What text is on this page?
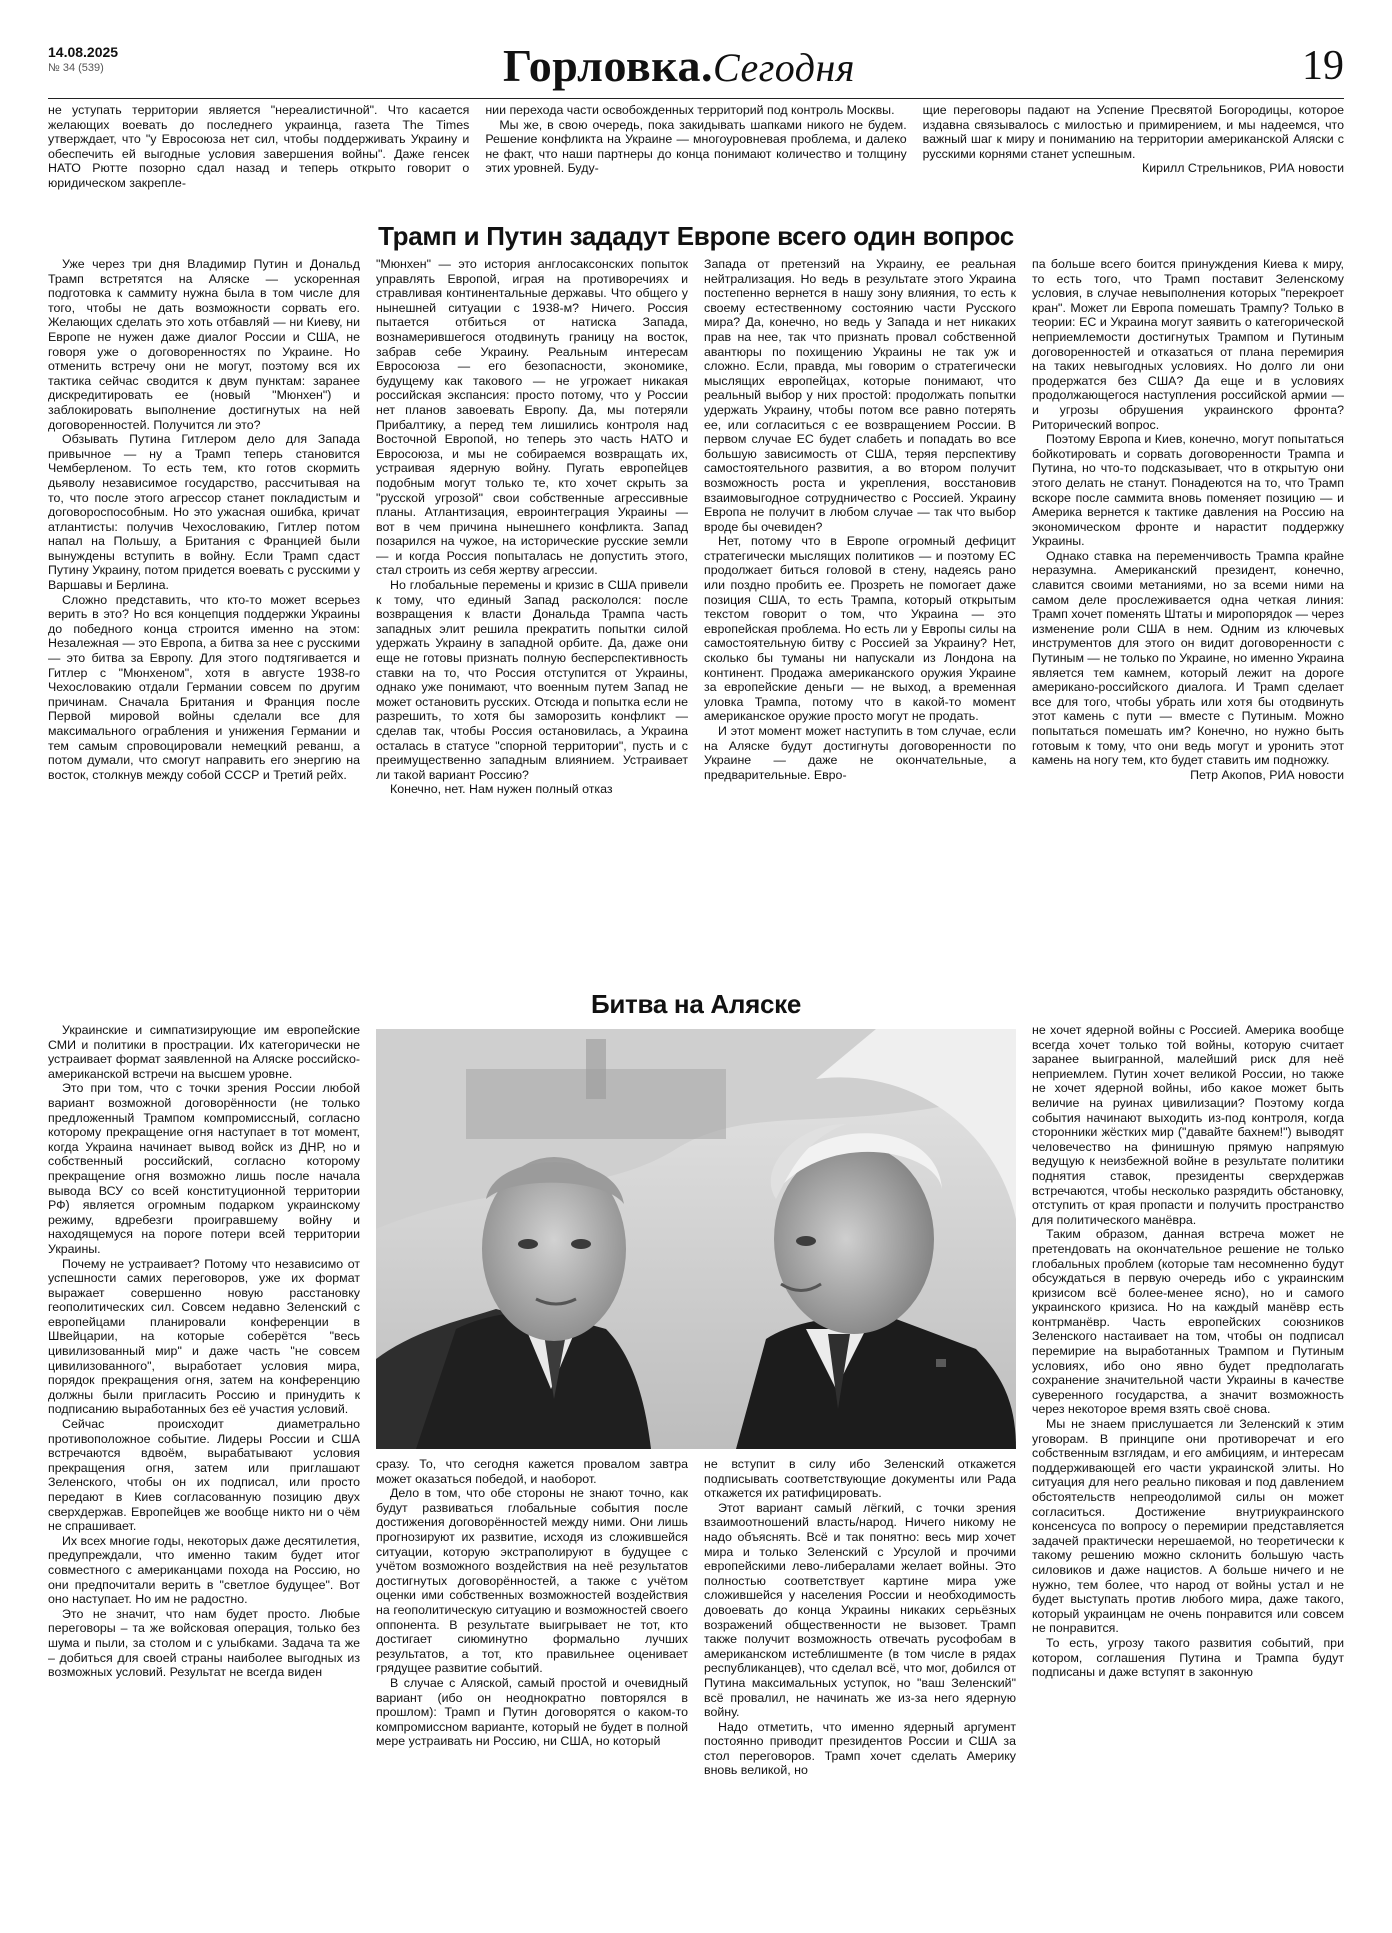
14.08.2025
№ 34 (539)	Горловка.Сегодня	19

не уступать территории является "нереалистичной". Что касается желающих воевать до последнего украинца, газета The Times утверждает, что "у Евросоюза нет сил, чтобы поддерживать Украину и обеспечить ей выгодные условия завершения войны". Даже генсек НАТО Рютте позорно сдал назад и теперь открыто говорит о юридическом закрепле-

нии перехода части освобожденных территорий под контроль Москвы.

Мы же, в свою очередь, пока закидывать шапками никого не будем. Решение конфликта на Украине — многоуровневая проблема, и далеко не факт, что наши партнеры до конца понимают количество и толщину этих уровней. Буду-

щие переговоры падают на Успение Пресвятой Богородицы, которое издавна связывалось с милостью и примирением, и мы надеемся, что важный шаг к миру и пониманию на территории американской Аляски с русскими корнями станет успешным.

Кирилл Стрельников, РИА новости

Трамп и Путин зададут Европе всего один вопрос

Уже через три дня Владимир Путин и Дональд Трамп встретятся на Аляске — ускоренная подготовка к саммиту нужна была в том числе для того, чтобы не дать возможности сорвать его. Желающих сделать это хоть отбавляй — ни Киеву, ни Европе не нужен даже диалог России и США, не говоря уже о договоренностях по Украине. Но отменить встречу они не могут, поэтому вся их тактика сейчас сводится к двум пунктам: заранее дискредитировать ее (новый "Мюнхен") и заблокировать выполнение достигнутых на ней договоренностей. Получится ли это?

Обзывать Путина Гитлером дело для Запада привычное — ну а Трамп теперь становится Чемберленом. То есть тем, кто готов скормить дьяволу независимое государство, рассчитывая на то, что после этого агрессор станет покладистым и договороспособным. Но это ужасная ошибка, кричат атлантисты: получив Чехословакию, Гитлер потом напал на Польшу, а Британия с Францией были вынуждены вступить в войну. Если Трамп сдаст Путину Украину, потом придется воевать с русскими у Варшавы и Берлина.

Сложно представить, что кто-то может всерьез верить в это? Но вся концепция поддержки Украины до победного конца строится именно на этом: Незалежная — это Европа, а битва за нее с русскими — это битва за Европу. Для этого подтягивается и Гитлер с "Мюнхеном", хотя в августе 1938-го Чехословакию отдали Германии совсем по другим причинам. Сначала Британия и Франция после Первой мировой войны сделали все для максимального ограбления и унижения Германии и тем самым спровоцировали немецкий реванш, а потом думали, что смогут направить его энергию на восток, столкнув между собой СССР и Третий рейх.

"Мюнхен" — это история англосаксонских попыток управлять Европой, играя на противоречиях и стравливая континентальные державы. Что общего у нынешней ситуации с 1938-м? Ничего. Россия пытается отбиться от натиска Запада, вознамерившегося отодвинуть границу на восток, забрав себе Украину. Реальным интересам Евросоюза — его безопасности, экономике, будущему как такового — не угрожает никакая российская экспансия: просто потому, что у России нет планов завоевать Европу. Да, мы потеряли Прибалтику, а перед тем лишились контроля над Восточной Европой, но теперь это часть НАТО и Евросоюза, и мы не собираемся возвращать их, устраивая ядерную войну. Пугать европейцев подобным могут только те, кто хочет скрыть за "русской угрозой" свои собственные агрессивные планы. Атлантизация, евроинтеграция Украины — вот в чем причина нынешнего конфликта. Запад позарился на чужое, на исторические русские земли — и когда Россия попыталась не допустить этого, стал строить из себя жертву агрессии.

Но глобальные перемены и кризис в США привели к тому, что единый Запад раскололся: после возвращения к власти Дональда Трампа часть западных элит решила прекратить попытки силой удержать Украину в западной орбите. Да, даже они еще не готовы признать полную бесперспективность ставки на то, что Россия отступится от Украины, однако уже понимают, что военным путем Запад не может остановить русских. Отсюда и попытка если не разрешить, то хотя бы заморозить конфликт — сделав так, чтобы Россия остановилась, а Украина осталась в статусе "спорной территории", пусть и с преимущественно западным влиянием. Устраивает ли такой вариант Россию?

Конечно, нет. Нам нужен полный отказ

Запада от претензий на Украину, ее реальная нейтрализация. Но ведь в результате этого Украина постепенно вернется в нашу зону влияния, то есть к своему естественному состоянию части Русского мира? Да, конечно, но ведь у Запада и нет никаких прав на нее, так что признать провал собственной авантюры по похищению Украины не так уж и сложно. Если, правда, мы говорим о стратегически мыслящих европейцах, которые понимают, что реальный выбор у них простой: продолжать попытки удержать Украину, чтобы потом все равно потерять ее, или согласиться с ее возвращением России. В первом случае ЕС будет слабеть и попадать во все большую зависимость от США, теряя перспективу самостоятельного развития, а во втором получит возможность роста и укрепления, восстановив взаимовыгодное сотрудничество с Россией. Украину Европа не получит в любом случае — так что выбор вроде бы очевиден?

Нет, потому что в Европе огромный дефицит стратегически мыслящих политиков — и поэтому ЕС продолжает биться головой в стену, надеясь рано или поздно пробить ее. Прозреть не помогает даже позиция США, то есть Трампа, который открытым текстом говорит о том, что Украина — это европейская проблема. Но есть ли у Европы силы на самостоятельную битву с Россией за Украину? Нет, сколько бы туманы ни напускали из Лондона на континент. Продажа американского оружия Украине за европейские деньги — не выход, а временная уловка Трампа, потому что в какой-то момент американское оружие просто могут не продать.

И этот момент может наступить в том случае, если на Аляске будут достигнуты договоренности по Украине — даже не окончательные, а предварительные. Евро-

па больше всего боится принуждения Киева к миру, то есть того, что Трамп поставит Зеленскому условия, в случае невыполнения которых "перекроет кран". Может ли Европа помешать Трампу? Только в теории: ЕС и Украина могут заявить о категорической неприемлемости достигнутых Трампом и Путиным договоренностей и отказаться от плана перемирия на таких невыгодных условиях. Но долго ли они продержатся без США? Да еще и в условиях продолжающегося наступления российской армии — и угрозы обрушения украинского фронта? Риторический вопрос.

Поэтому Европа и Киев, конечно, могут попытаться бойкотировать и сорвать договоренности Трампа и Путина, но что-то подсказывает, что в открытую они этого делать не станут. Понадеются на то, что Трамп вскоре после саммита вновь поменяет позицию — и Америка вернется к тактике давления на Россию на экономическом фронте и нарастит поддержку Украины.

Однако ставка на переменчивость Трампа крайне неразумна. Американский президент, конечно, славится своими метаниями, но за всеми ними на самом деле прослеживается одна четкая линия: Трамп хочет поменять Штаты и миропорядок — через изменение роли США в нем. Одним из ключевых инструментов для этого он видит договоренности с Путиным — не только по Украине, но именно Украина является тем камнем, который лежит на дороге американо-российского диалога. И Трамп сделает все для того, чтобы убрать или хотя бы отодвинуть этот камень с пути — вместе с Путиным. Можно попытаться помешать им? Конечно, но нужно быть готовым к тому, что они ведь могут и уронить этот камень на ногу тем, кто будет ставить им подножку.

Петр Акопов, РИА новости

Битва на Аляске

Украинские и симпатизирующие им европейские СМИ и политики в прострации. Их категорически не устраивает формат заявленной на Аляске российско-американской встречи на высшем уровне.

Это при том, что с точки зрения России любой вариант возможной договорённости (не только предложенный Трампом компромиссный, согласно которому прекращение огня наступает в тот момент, когда Украина начинает вывод войск из ДНР, но и собственный российский, согласно которому прекращение огня возможно лишь после начала вывода ВСУ со всей конституционной территории РФ) является огромным подарком украинскому режиму, вдребезги проигравшему войну и находящемуся на пороге потери всей территории Украины.

Почему не устраивает? Потому что независимо от успешности самих переговоров, уже их формат выражает совершенно новую расстановку геополитических сил. Совсем недавно Зеленский с европейцами планировали конференции в Швейцарии, на которые соберётся "весь цивилизованный мир" и даже часть "не совсем цивилизованного", выработает условия мира, порядок прекращения огня, затем на конференцию должны были пригласить Россию и принудить к подписанию выработанных без её участия условий.

Сейчас происходит диаметрально противоположное событие. Лидеры России и США встречаются вдвоём, вырабатывают условия прекращения огня, затем или приглашают Зеленского, чтобы он их подписал, или просто передают в Киев согласованную позицию двух сверхдержав. Европейцев же вообще никто ни о чём не спрашивает.

Их всех многие годы, некоторых даже десятилетия, предупреждали, что именно таким будет итог совместного с американцами похода на Россию, но они предпочитали верить в "светлое будущее". Вот оно наступает. Но им не радостно.

Это не значит, что нам будет просто. Любые переговоры – та же войсковая операция, только без шума и пыли, за столом и с улыбками. Задача та же – добиться для своей страны наиболее выгодных из возможных условий. Результат не всегда виден

сразу. То, что сегодня кажется провалом завтра может оказаться победой, и наоборот.

Дело в том, что обе стороны не знают точно, как будут развиваться глобальные события после достижения договорённостей между ними. Они лишь прогнозируют их развитие, исходя из сложившейся ситуации, которую экстраполируют в будущее с учётом возможного воздействия на неё результатов достигнутых договорённостей, а также с учётом оценки ими собственных возможностей воздействия на геополитическую ситуацию и возможностей своего оппонента. В результате выигрывает не тот, кто достигает сиюминутно формально лучших результатов, а тот, кто правильнее оценивает грядущее развитие событий.

В случае с Аляской, самый простой и очевидный вариант (ибо он неоднократно повторялся в прошлом): Трамп и Путин договорятся о каком-то компромиссном варианте, который не будет в полной мере устраивать ни Россию, ни США, но который

не вступит в силу ибо Зеленский откажется подписывать соответствующие документы или Рада откажется их ратифицировать.

Этот вариант самый лёгкий, с точки зрения взаимоотношений власть/народ. Ничего никому не надо объяснять. Всё и так понятно: весь мир хочет мира и только Зеленский с Урсулой и прочими европейскими лево-либералами желает войны. Это полностью соответствует картине мира уже сложившейся у населения России и необходимость довоевать до конца Украины никаких серьёзных возражений общественности не вызовет. Трамп также получит возможность отвечать русофобам в американском истеблишменте (в том числе в рядах республиканцев), что сделал всё, что мог, добился от Путина максимальных уступок, но "ваш Зеленский" всё провалил, не начинать же из-за него ядерную войну.

Надо отметить, что именно ядерный аргумент постоянно приводит президентов России и США за стол переговоров. Трамп хочет сделать Америку вновь великой, но

не хочет ядерной войны с Россией. Америка вообще всегда хочет только той войны, которую считает заранее выигранной, малейший риск для неё неприемлем. Путин хочет великой России, но также не хочет ядерной войны, ибо какое может быть величие на руинах цивилизации? Поэтому когда события начинают выходить из-под контроля, когда сторонники жёстких мир ("давайте бахнем!") выводят человечество на финишную прямую напрямую ведущую к неизбежной войне в результате политики поднятия ставок, президенты сверхдержав встречаются, чтобы несколько разрядить обстановку, отступить от края пропасти и получить пространство для политического манёвра.

Таким образом, данная встреча может не претендовать на окончательное решение не только глобальных проблем (которые там несомненно будут обсуждаться в первую очередь ибо с украинским кризисом всё более-менее ясно), но и самого украинского кризиса. Но на каждый манёвр есть контрманёвр. Часть европейских союзников Зеленского настаивает на том, чтобы он подписал перемирие на выработанных Трампом и Путиным условиях, ибо оно явно будет предполагать сохранение значительной части Украины в качестве суверенного государства, а значит возможность через некоторое время взять своё снова.

Мы не знаем прислушается ли Зеленский к этим уговорам. В принципе они противоречат и его собственным взглядам, и его амбициям, и интересам поддерживающей его части украинской элиты. Но ситуация для него реально пиковая и под давлением обстоятельств непреодолимой силы он может согласиться. Достижение внутриукраинского консенсуса по вопросу о перемирии представляется задачей практически нерешаемой, но теоретически к такому решению можно склонить большую часть силовиков и даже нацистов. А больше ничего и не нужно, тем более, что народ от войны устал и не будет выступать против любого мира, даже такого, который украинцам не очень понравится или совсем не понравится.

То есть, угрозу такого развития событий, при котором, соглашения Путина и Трампа будут подписаны и даже вступят в законную
